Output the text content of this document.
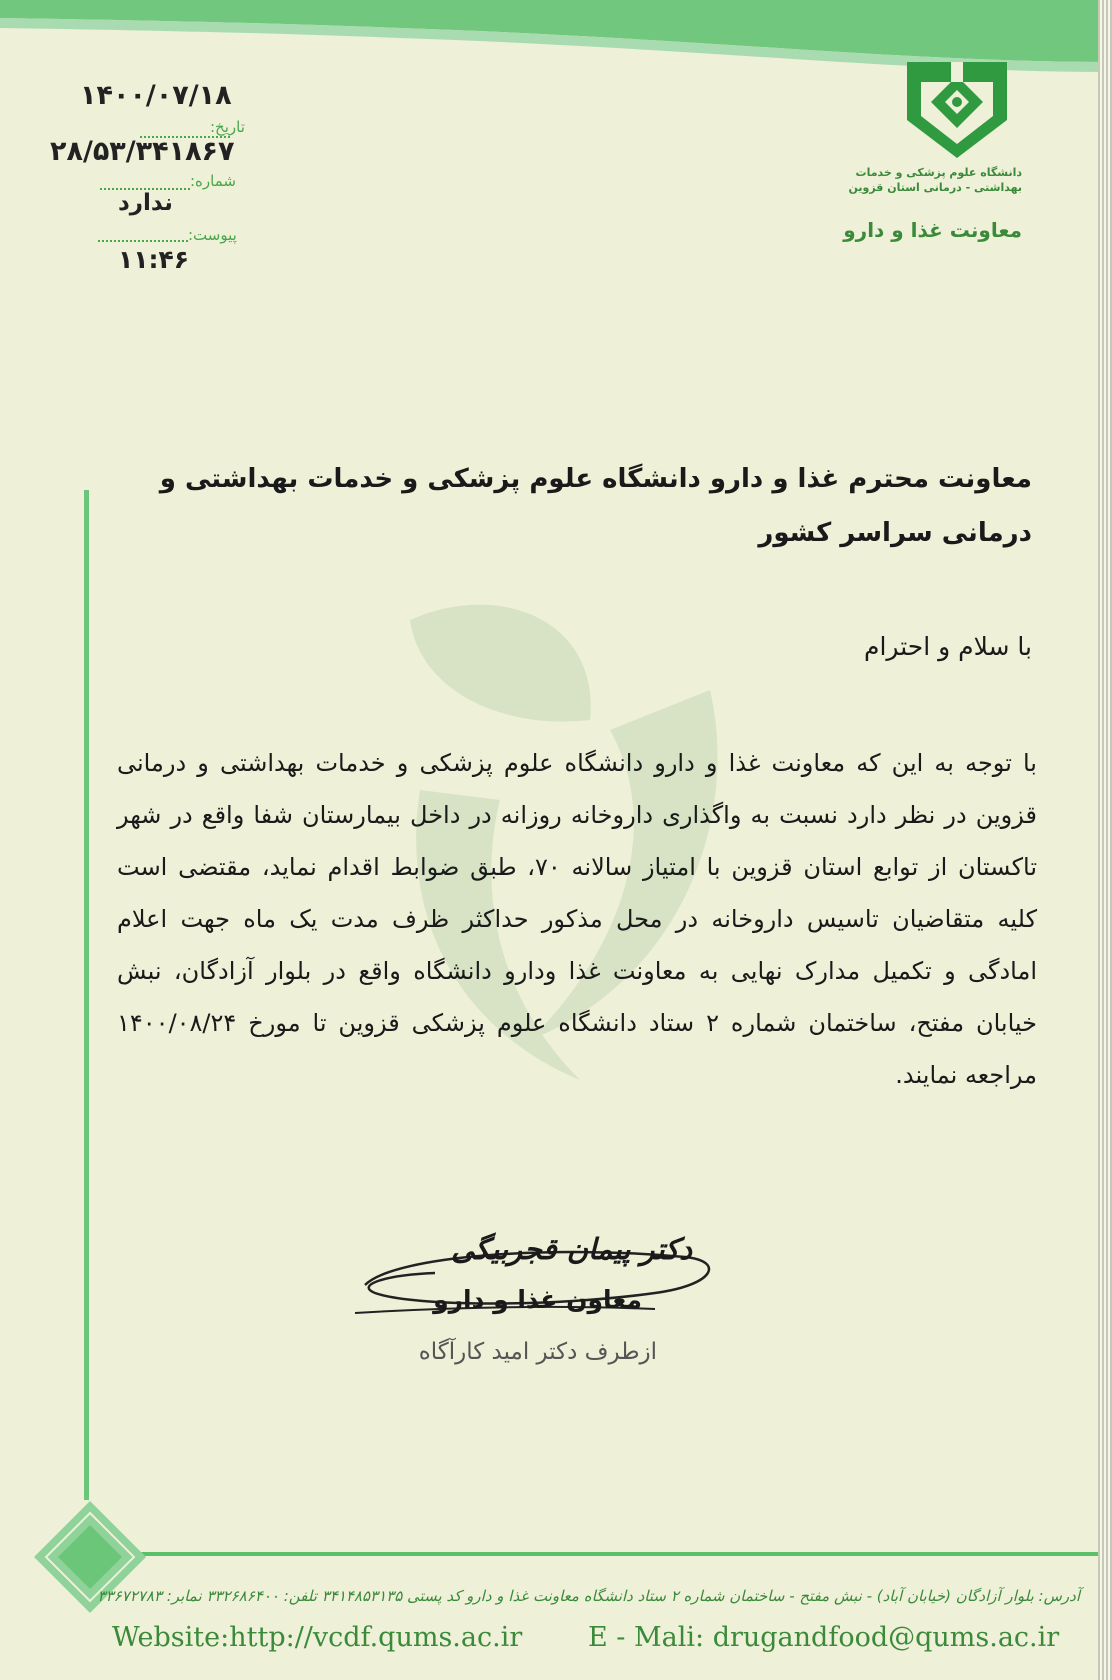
دانشگاه علوم پزشکی و خدمات بهداشتی - درمانی استان قزوین
معاونت غذا و دارو
۱۴۰۰/۰۷/۱۸
تاریخ:
۲۸/۵۳/۳۴۱۸۶۷
شماره:
ندارد
پیوست:
۱۱:۴۶
معاونت محترم غذا و دارو دانشگاه علوم پزشکی و خدمات بهداشتی و درمانی سراسر کشور
با سلام و احترام
با توجه به این که معاونت غذا و دارو دانشگاه علوم پزشکی و خدمات بهداشتی و درمانی قزوین در نظر دارد نسبت به واگذاری داروخانه روزانه در داخل بیمارستان شفا واقع در شهر تاکستان از توابع استان قزوین با امتیاز سالانه ۷۰، طبق ضوابط اقدام نماید، مقتضی است کلیه متقاضیان تاسیس داروخانه در محل مذکور حداکثر ظرف مدت یک ماه جهت اعلام امادگی و تکمیل مدارک نهایی به معاونت غذا ودارو دانشگاه واقع در بلوار آزادگان، نبش خیابان مفتح، ساختمان شماره ۲ ستاد دانشگاه علوم پزشکی قزوین تا مورخ ۱۴۰۰/۰۸/۲۴ مراجعه نمایند.
دکتر پیمان قجربیگی
معاون غذا و دارو
ازطرف دکتر امید کارآگاه
آدرس: بلوار آزادگان (خیابان آباد) - نبش مفتح - ساختمان شماره ۲ ستاد دانشگاه معاونت غذا و دارو کد پستی ۳۴۱۴۸۵۳۱۳۵ تلفن: ۳۳۲۶۸۶۴۰۰ نمابر: ۳۳۶۷۲۷۸۳
Website:http://vcdf.qums.ac.ir E - Mali: drugandfood@qums.ac.ir
